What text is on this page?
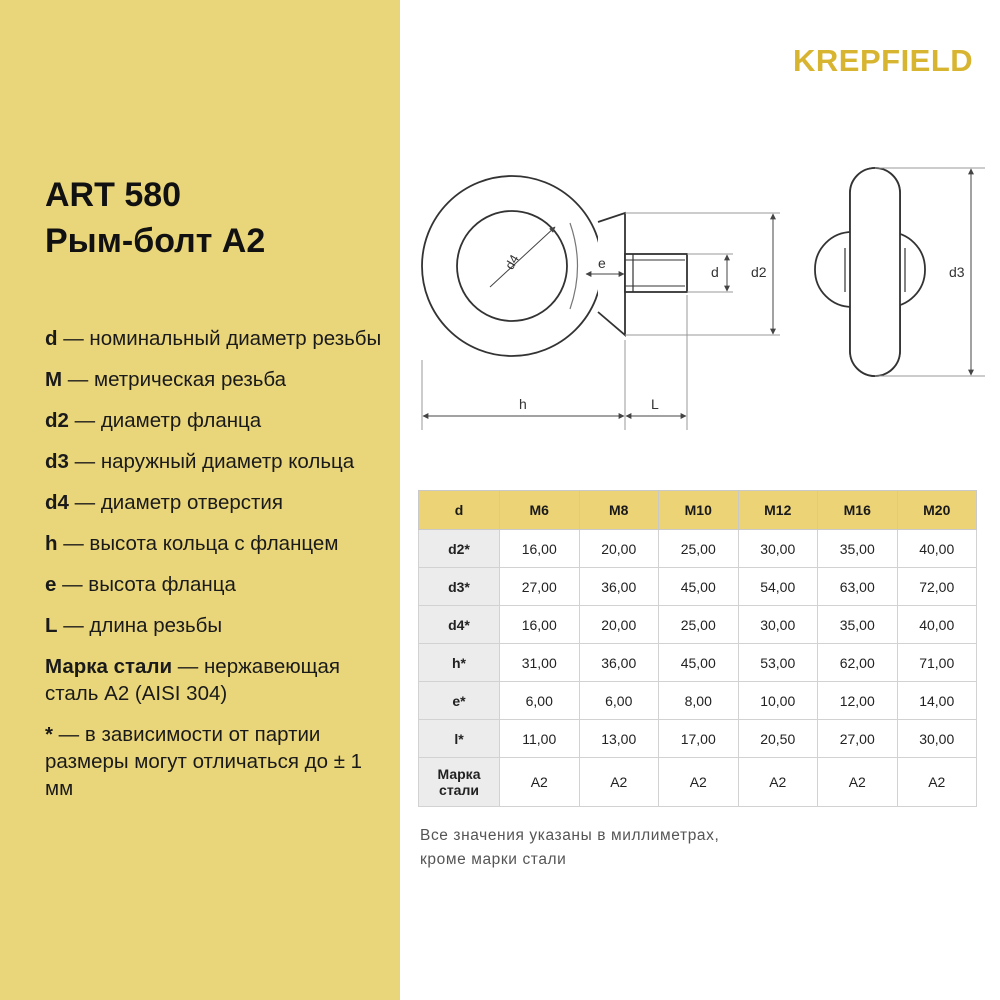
ART 580
Рым-болт А2
d — номинальный диаметр резьбы
M — метрическая резьба
d2 — диаметр фланца
d3 — наружный диаметр кольца
d4 — диаметр отверстия
h — высота кольца с фланцем
e — высота фланца
L — длина резьбы
Марка стали — нержавеющая сталь А2 (AISI 304)
* — в зависимости от партии размеры могут отличаться до ± 1 мм
KREPFIELD
d4	e
d d2
h	L
d3
d	M6	M8	M10	M12	M16	M20
d2*	16,00	20,00	25,00	30,00	35,00	40,00
d3*	27,00	36,00	45,00	54,00	63,00	72,00
d4*	16,00	20,00	25,00	30,00	35,00	40,00
h*	31,00	36,00	45,00	53,00	62,00	71,00
e*	6,00	6,00	8,00	10,00	12,00	14,00
l*	11,00	13,00	17,00	20,50	27,00	30,00
Марка стали	А2	А2	А2	А2	А2	А2
Все значения указаны в миллиметрах,
кроме марки стали
